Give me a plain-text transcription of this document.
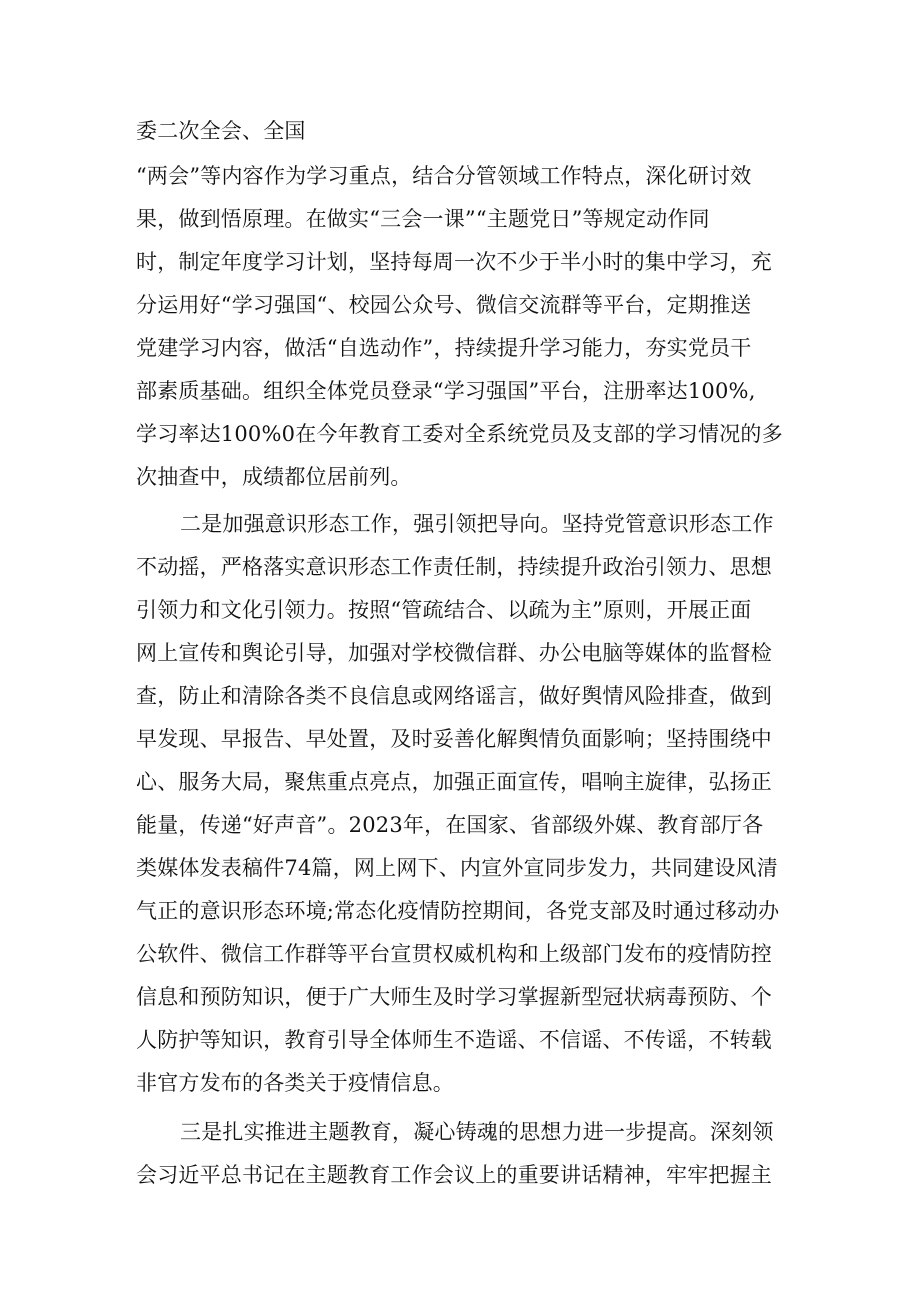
委二次全会、全国

“两会”等内容作为学习重点，结合分管领域工作特点，深化研讨效

果，做到悟原理。在做实“三会一课”“主题党日”等规定动作同

时，制定年度学习计划，坚持每周一次不少于半小时的集中学习，充

分运用好“学习强国“、校园公众号、微信交流群等平台，定期推送

党建学习内容，做活“自选动作”，持续提升学习能力，夯实党员干

部素质基础。组织全体党员登录“学习强国”平台，注册率达100%,

学习率达100%0在今年教育工委对全系统党员及支部的学习情况的多

次抽查中，成绩都位居前列。

二是加强意识形态工作，强引领把导向。坚持党管意识形态工作

不动摇，严格落实意识形态工作责任制，持续提升政治引领力、思想

引领力和文化引领力。按照“管疏结合、以疏为主”原则，开展正面

网上宣传和舆论引导，加强对学校微信群、办公电脑等媒体的监督检

查，防止和清除各类不良信息或网络谣言，做好舆情风险排查，做到

早发现、早报告、早处置，及时妥善化解舆情负面影响；坚持围绕中

心、服务大局，聚焦重点亮点，加强正面宣传，唱响主旋律，弘扬正

能量，传递“好声音”。2023年，在国家、省部级外媒、教育部厅各

类媒体发表稿件74篇，网上网下、内宣外宣同步发力，共同建设风清

气正的意识形态环境;常态化疫情防控期间，各党支部及时通过移动办

公软件、微信工作群等平台宣贯权威机构和上级部门发布的疫情防控

信息和预防知识，便于广大师生及时学习掌握新型冠状病毒预防、个

人防护等知识，教育引导全体师生不造谣、不信谣、不传谣，不转载

非官方发布的各类关于疫情信息。

三是扎实推进主题教育，凝心铸魂的思想力进一步提高。深刻领

会习近平总书记在主题教育工作会议上的重要讲话精神，牢牢把握主
